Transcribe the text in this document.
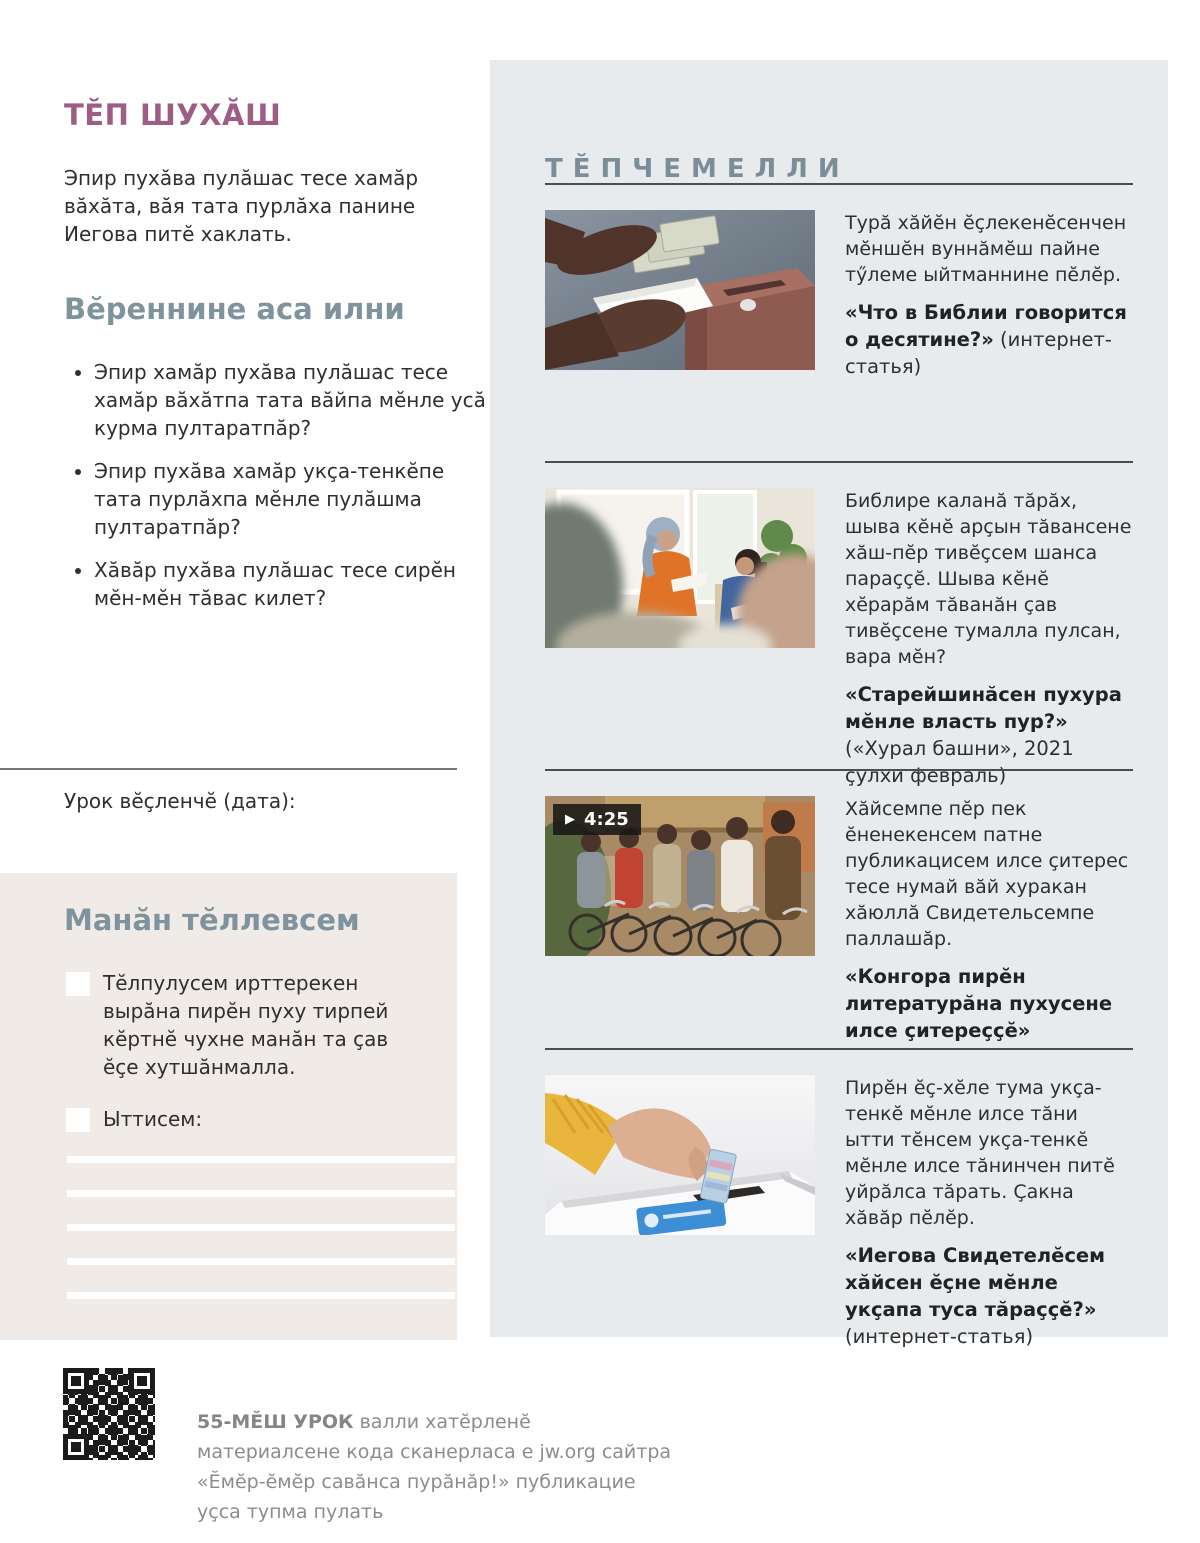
ТӖП ШУХӐШ

Эпир пухӑва пулӑшас тесе хамӑр вӑхӑта, вӑя тата пурлӑха панине Иегова питӗ хаклать.

Вӗреннине аса илни
• Эпир хамӑр пухӑва пулӑшас тесе хамӑр вӑхӑтпа тата вӑйпа мӗнле усӑ курма пултаратпӑр?
• Эпир пухӑва хамӑр укҫа-тенкӗпе тата пурлӑхпа мӗнле пулӑшма пултаратпӑр?
• Хӑвӑр пухӑва пулӑшас тесе сирӗн мӗн-мӗн тӑвас килет?

Урок вӗҫленчӗ (дата):

Манӑн тӗллевсем
Тӗлпулусем ирттерекен вырӑна пирӗн пуху тирпей кӗртнӗ чухне манӑн та ҫав ӗҫе хутшӑнмалла.
Ыттисем:

55-МӖШ УРОК валли хатӗрленӗ материалсене кода сканерласа е jw.org сайтра «Ӗмӗр-ӗмӗр савӑнса пурӑнӑр!» публикацие уҫса тупма пулать

ТӖПЧЕМЕЛЛИ

Турӑ хӑйӗн ӗҫлекенӗсенчен мӗншӗн вуннӑмӗш пайне тӳлеме ыйтманнине пӗлӗр.

«Что в Библии говорится о десятине?» (интернет-статья)

Библире каланӑ тӑрӑх, шыва кӗнӗ арҫын тӑвансене хӑш-пӗр тивӗҫсем шанса параҫҫӗ. Шыва кӗнӗ хӗрарӑм тӑванӑн ҫав тивӗҫсене тумалла пулсан, вара мӗн?

«Старейшинӑсен пухура мӗнле власть пур?» («Хурал башни», 2021 ҫулхи февраль)

▶ 4:25	Хӑйсемпе пӗр пек ӗненекенсем патне публикацисем илсе ҫитерес тесе нумай вӑй хуракан хӑюллӑ Свидетельсемпе паллашӑр.

«Конгора пирӗн литературӑна пухусене илсе ҫитереҫҫӗ»

Пирӗн ӗҫ-хӗле тума укҫа-тенкӗ мӗнле илсе тӑни ытти тӗнсем укҫа-тенкӗ мӗнле илсе тӑнинчен питӗ уйрӑлса тӑрать. Ҫакна хӑвӑр пӗлӗр.

«Иегова Свидетелӗсем хӑйсен ӗҫне мӗнле укҫапа туса тӑраҫҫӗ?» (интернет-статья)
